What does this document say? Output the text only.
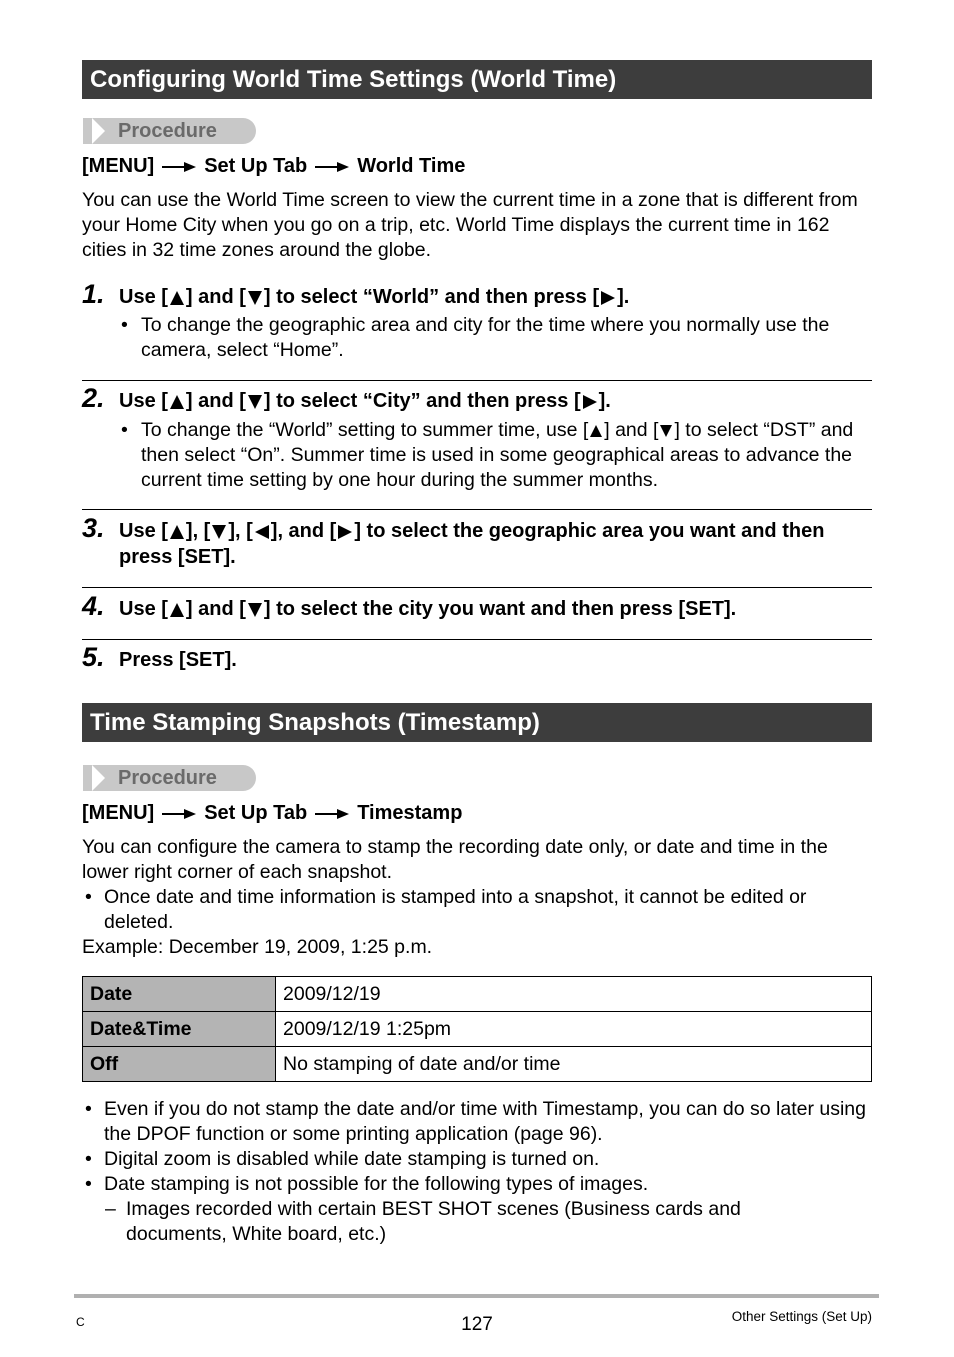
Configuring World Time Settings (World Time)
Procedure
[MENU]	Set Up Tab	World Time
You can use the World Time screen to view the current time in a zone that is different from your Home City when you go on a trip, etc. World Time displays the current time in 162 cities in 32 time zones around the globe.
1. Use [ ] and [ ] to select “World” and then press [ ].
• To change the geographic area and city for the time where you normally use the camera, select “Home”.
2. Use [ ] and [ ] to select “City” and then press [ ].
• To change the “World” setting to summer time, use [ ] and [ ] to select “DST” and then select “On”. Summer time is used in some geographical areas to advance the current time setting by one hour during the summer months.
3. Use [ ], [ ], [ ], and [ ] to select the geographic area you want and then press [SET].
4. Use [ ] and [ ] to select the city you want and then press [SET].
5. Press [SET].
Time Stamping Snapshots (Timestamp)
Procedure
[MENU]	Set Up Tab	Timestamp
You can configure the camera to stamp the recording date only, or date and time in the lower right corner of each snapshot.
• Once date and time information is stamped into a snapshot, it cannot be edited or deleted.
Example: December 19, 2009, 1:25 p.m.
Date	2009/12/19
Date&Time	2009/12/19 1:25pm
Off	No stamping of date and/or time
• Even if you do not stamp the date and/or time with Timestamp, you can do so later using the DPOF function or some printing application (page 96).
• Digital zoom is disabled while date stamping is turned on.
• Date stamping is not possible for the following types of images.
– Images recorded with certain BEST SHOT scenes (Business cards and documents, White board, etc.)
C	127	Other Settings (Set Up)
